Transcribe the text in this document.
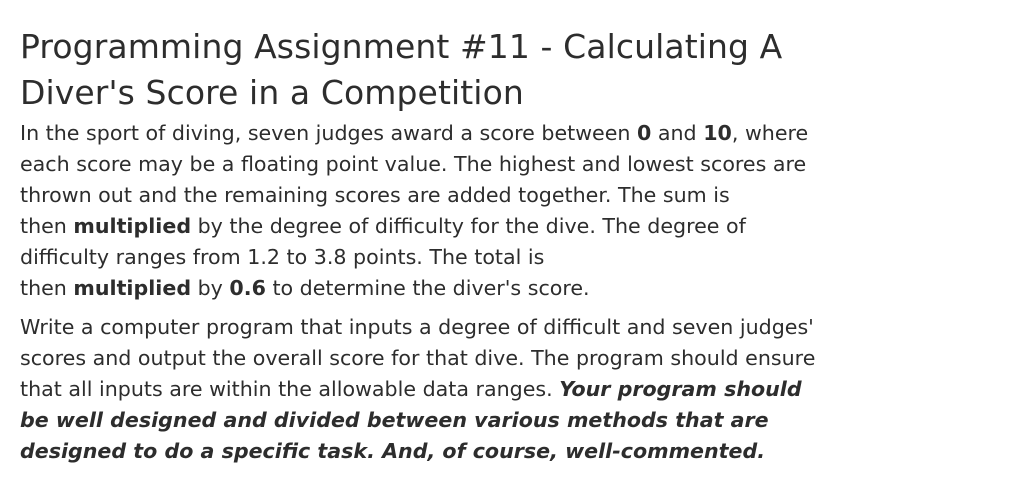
Programming Assignment #11 - Calculating A
Diver's Score in a Competition

In the sport of diving, seven judges award a score between 0 and 10, where
each score may be a floating point value. The highest and lowest scores are
thrown out and the remaining scores are added together. The sum is
then multiplied by the degree of difficulty for the dive. The degree of
difficulty ranges from 1.2 to 3.8 points. The total is
then multiplied by 0.6 to determine the diver's score.

Write a computer program that inputs a degree of difficult and seven judges'
scores and output the overall score for that dive. The program should ensure
that all inputs are within the allowable data ranges. Your program should
be well designed and divided between various methods that are
designed to do a specific task. And, of course, well-commented.
